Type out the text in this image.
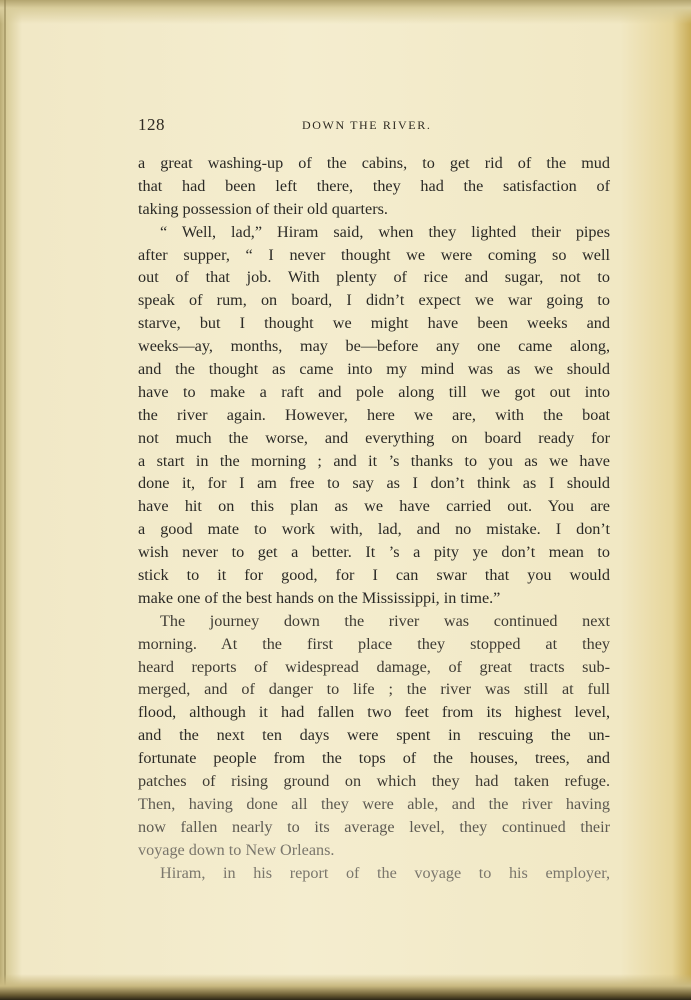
128	DOWN THE RIVER.
a great washing-up of the cabins, to get rid of the mud
that had been left there, they had the satisfaction of
taking possession of their old quarters.
“ Well, lad,” Hiram said, when they lighted their pipes
after supper, “ I never thought we were coming so well
out of that job. With plenty of rice and sugar, not to
speak of rum, on board, I didn’t expect we war going to
starve, but I thought we might have been weeks and
weeks—ay, months, may be—before any one came along,
and the thought as came into my mind was as we should
have to make a raft and pole along till we got out into
the river again. However, here we are, with the boat
not much the worse, and everything on board ready for
a start in the morning ; and it ’s thanks to you as we have
done it, for I am free to say as I don’t think as I should
have hit on this plan as we have carried out. You are
a good mate to work with, lad, and no mistake. I don’t
wish never to get a better. It ’s a pity ye don’t mean to
stick to it for good, for I can swar that you would
make one of the best hands on the Mississippi, in time.”
The journey down the river was continued next
morning. At the first place they stopped at they
heard reports of widespread damage, of great tracts sub-
merged, and of danger to life ; the river was still at full
flood, although it had fallen two feet from its highest level,
and the next ten days were spent in rescuing the un-
fortunate people from the tops of the houses, trees, and
patches of rising ground on which they had taken refuge.
Then, having done all they were able, and the river having
now fallen nearly to its average level, they continued their
voyage down to New Orleans.
Hiram, in his report of the voyage to his employer,
